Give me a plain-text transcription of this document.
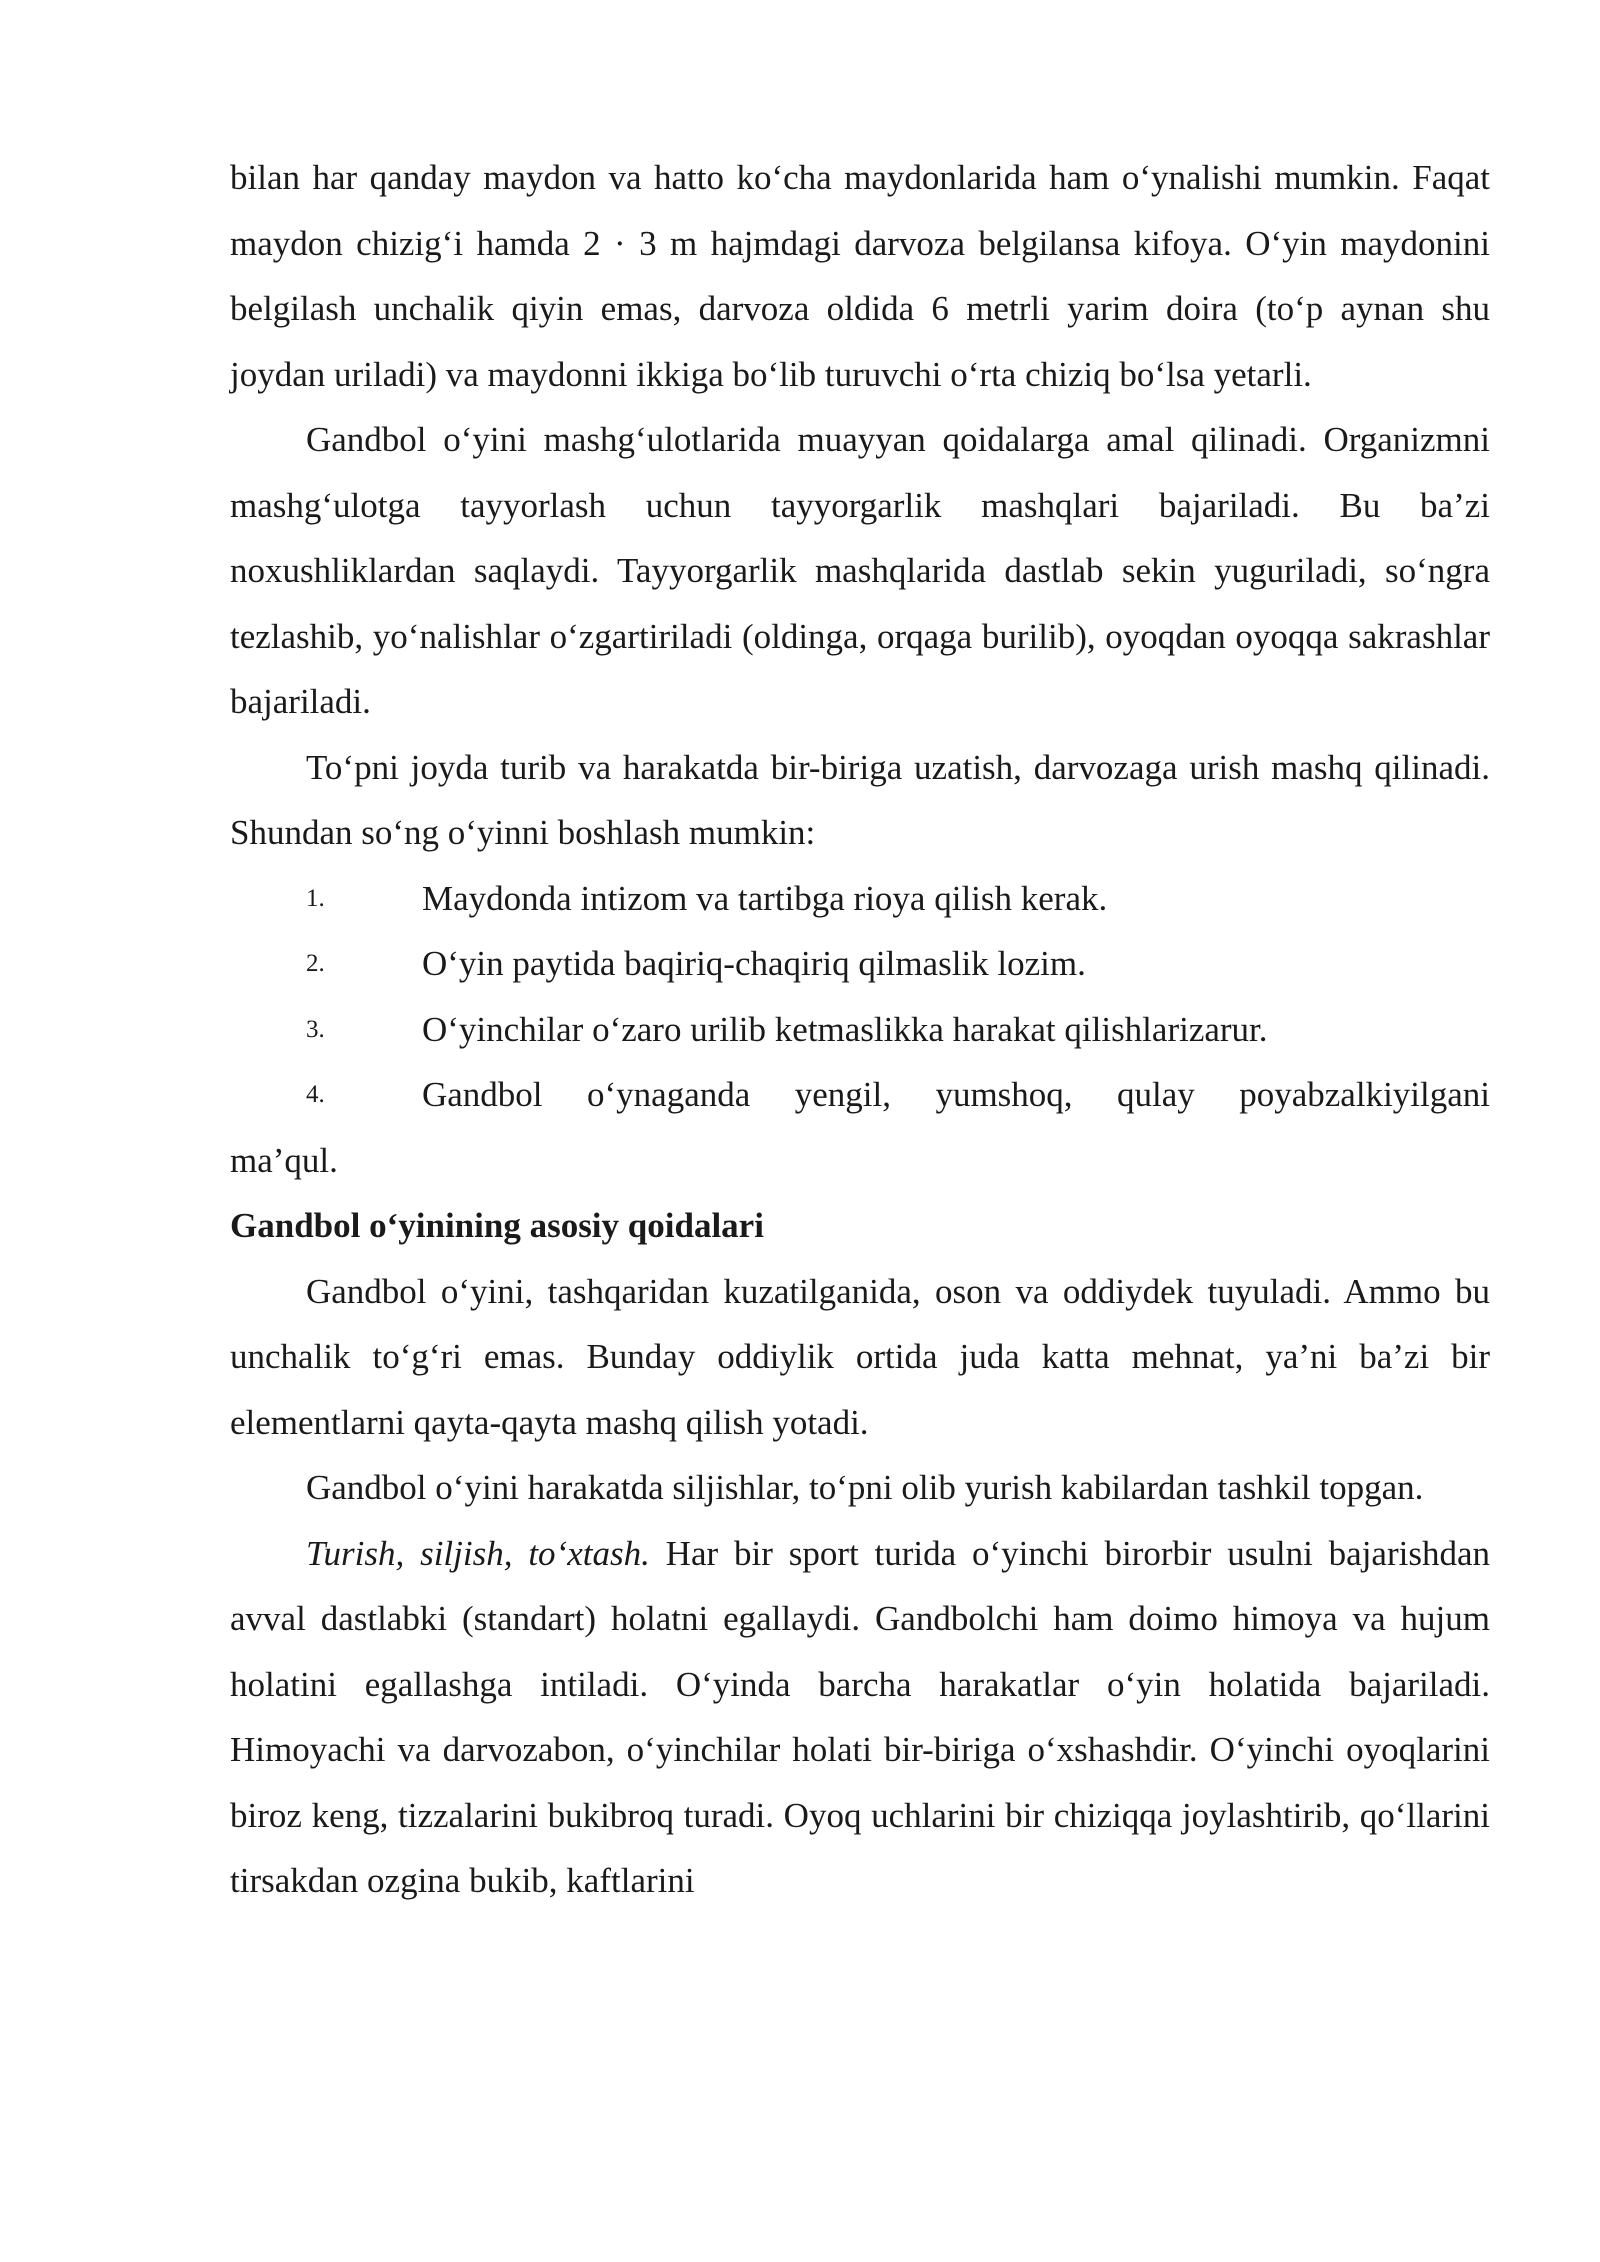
bilan har qanday maydon va hatto ko‘cha maydonlarida ham o‘ynalishi mumkin. Faqat maydon chizig‘i hamda 2 · 3 m hajmdagi darvoza belgilansa kifoya. O‘yin maydonini belgilash unchalik qiyin emas, darvoza oldida 6 metrli yarim doira (to‘p aynan shu joydan uriladi) va maydonni ikkiga bo‘lib turuvchi o‘rta chiziq bo‘lsa yetarli.

Gandbol o‘yini mashg‘ulotlarida muayyan qoidalarga amal qilinadi. Organizmni mashg‘ulotga tayyorlash uchun tayyorgarlik mashqlari bajariladi. Bu ba’zi noxushliklardan saqlaydi. Tayyorgarlik mashqlarida dastlab sekin yuguriladi, so‘ngra tezlashib, yo‘nalishlar o‘zgartiriladi (oldinga, orqaga burilib), oyoqdan oyoqqa sakrashlar bajariladi.

To‘pni joyda turib va harakatda bir-biriga uzatish, darvozaga urish mashq qilinadi. Shundan so‘ng o‘yinni boshlash mumkin:

1.	Maydonda intizom va tartibga rioya qilish kerak.
2.	O‘yin paytida baqiriq-chaqiriq qilmaslik lozim.
3.	O‘yinchilar o‘zaro urilib ketmaslikka harakat qilishlarizarur.
4.	Gandbol o‘ynaganda yengil, yumshoq, qulay poyabzalkiyilgani

ma’qul.

Gandbol o‘yinining asosiy qoidalari

Gandbol o‘yini, tashqaridan kuzatilganida, oson va oddiydek tuyuladi. Ammo bu unchalik to‘g‘ri emas. Bunday oddiylik ortida juda katta mehnat, ya’ni ba’zi bir elementlarni qayta-qayta mashq qilish yotadi.

Gandbol o‘yini harakatda siljishlar, to‘pni olib yurish kabilardan tashkil topgan.

Turish, siljish, to‘xtash. Har bir sport turida o‘yinchi birorbir usulni bajarishdan avval dastlabki (standart) holatni egallaydi. Gandbolchi ham doimo himoya va hujum holatini egallashga intiladi. O‘yinda barcha harakatlar o‘yin holatida bajariladi. Himoyachi va darvozabon, o‘yinchilar holati bir-biriga o‘xshashdir. O‘yinchi oyoqlarini biroz keng, tizzalarini bukibroq turadi. Oyoq uchlarini bir chiziqqa joylashtirib, qo‘llarini tirsakdan ozgina bukib, kaftlarini
